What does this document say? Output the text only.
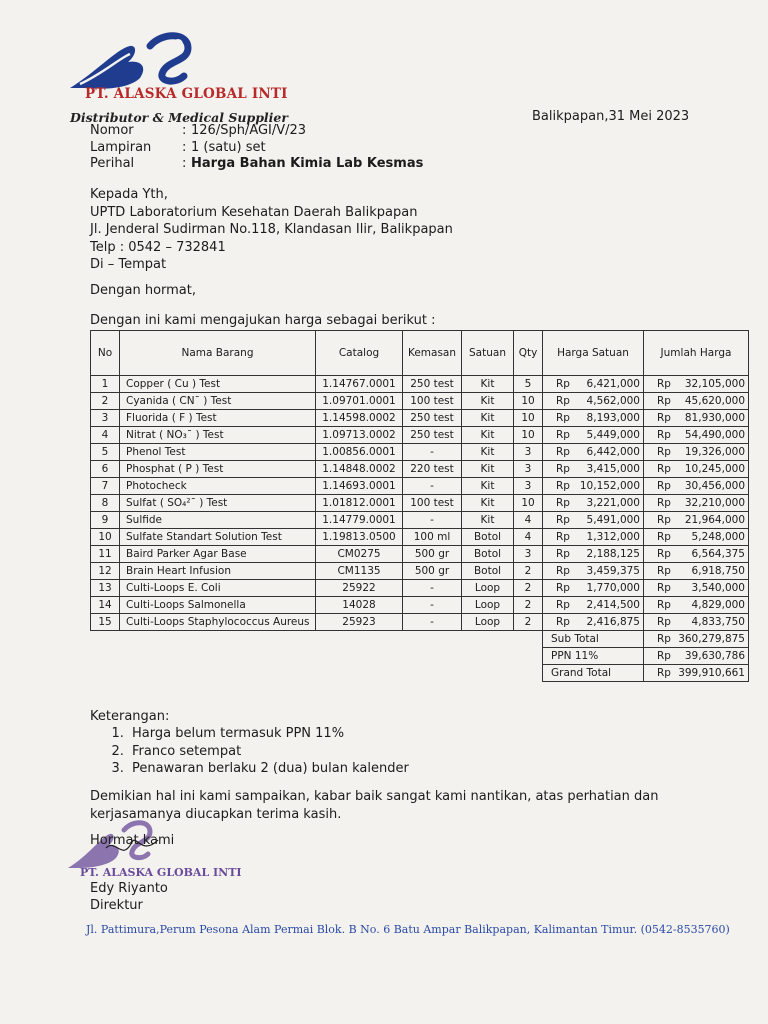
PT. ALASKA GLOBAL INTI
Distributor & Medical Supplier	Balikpapan,31 Mei 2023
Nomor	: 126/Sph/AGI/V/23
Lampiran	: 1 (satu) set
Perihal	: Harga Bahan Kimia Lab Kesmas
Kepada Yth,
UPTD Laboratorium Kesehatan Daerah Balikpapan
Jl. Jenderal Sudirman No.118, Klandasan Ilir, Balikpapan
Telp : 0542 – 732841
Di – Tempat
Dengan hormat,
Dengan ini kami mengajukan harga sebagai berikut :
No	Nama Barang	Catalog	Kemasan	Satuan	Qty	Harga Satuan	Jumlah Harga
1	Copper ( Cu ) Test	1.14767.0001	250 test	Kit	5	Rp 6,421,000	Rp 32,105,000

2	Cyanida ( CN¯ ) Test	1.09701.0001	100 test	Kit	10	Rp 4,562,000	Rp 45,620,000

3	Fluorida ( F ) Test	1.14598.0002	250 test	Kit	10	Rp 8,193,000	Rp 81,930,000

4	Nitrat ( NO₃¯ ) Test	1.09713.0002	250 test	Kit	10	Rp 5,449,000	Rp 54,490,000

5	Phenol Test	1.00856.0001	-	Kit	3	Rp 6,442,000	Rp 19,326,000

6	Phosphat ( P ) Test	1.14848.0002	220 test	Kit	3	Rp 3,415,000	Rp 10,245,000

7	Photocheck	1.14693.0001	-	Kit	3	Rp 10,152,000	Rp 30,456,000

8	Sulfat ( SO₄²¯ ) Test	1.01812.0001	100 test	Kit	10	Rp 3,221,000	Rp 32,210,000

9	Sulfide	1.14779.0001	-	Kit	4	Rp 5,491,000	Rp 21,964,000

10	Sulfate Standart Solution Test	1.19813.0500	100 ml	Botol	4	Rp 1,312,000	Rp 5,248,000

11	Baird Parker Agar Base	CM0275	500 gr	Botol	3	Rp 2,188,125	Rp 6,564,375

12	Brain Heart Infusion	CM1135	500 gr	Botol	2	Rp 3,459,375	Rp 6,918,750

13	Culti-Loops E. Coli	25922	-	Loop	2	Rp 1,770,000	Rp 3,540,000

14	Culti-Loops Salmonella	14028	-	Loop	2	Rp 2,414,500	Rp 4,829,000

15	Culti-Loops Staphylococcus Aureus	25923	-	Loop	2	Rp 2,416,875	Rp 4,833,750

						Sub Total	Rp 360,279,875

						PPN 11%	Rp 39,630,786

						Grand Total	Rp 399,910,661
Keterangan:
1. Harga belum termasuk PPN 11%
2. Franco setempat
3. Penawaran berlaku 2 (dua) bulan kalender
Demikian hal ini kami sampaikan, kabar baik sangat kami nantikan, atas perhatian dan kerjasamanya diucapkan terima kasih.
Hormat kami
PT. ALASKA GLOBAL INTI
Edy Riyanto
Direktur
Jl. Pattimura,Perum Pesona Alam Permai Blok. B No. 6 Batu Ampar Balikpapan, Kalimantan Timur. (0542-8535760)
